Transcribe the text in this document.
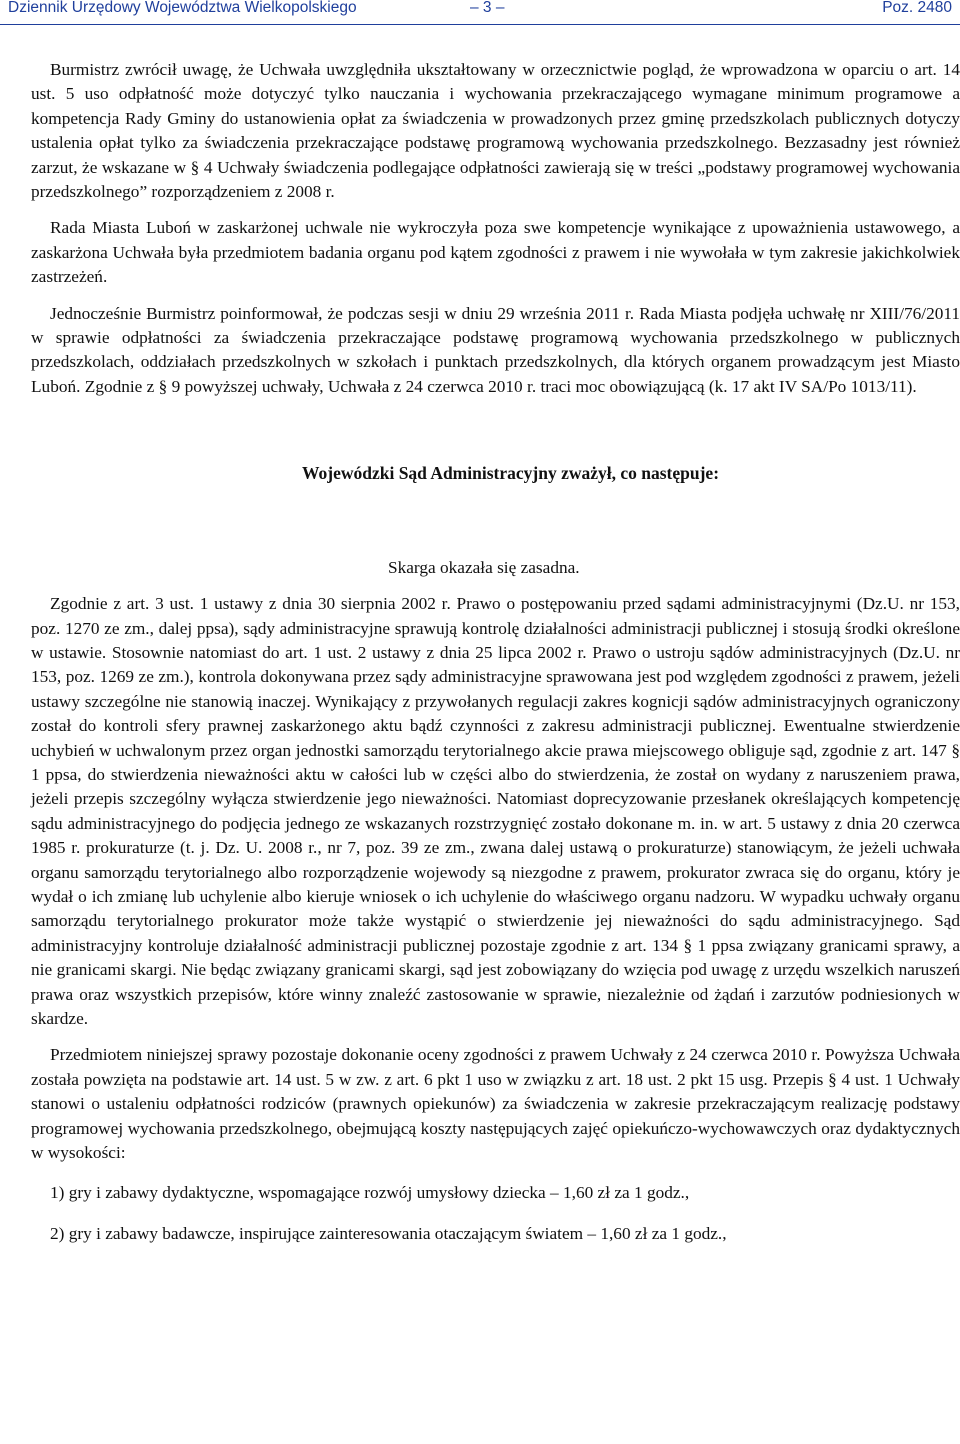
Dziennik Urzędowy Województwa Wielkopolskiego	– 3 –	Poz. 2480

Burmistrz zwrócił uwagę, że Uchwała uwzględniła ukształtowany w orzecznictwie pogląd, że wprowadzona w oparciu o art. 14 ust. 5 uso odpłatność może dotyczyć tylko nauczania i wychowania przekraczającego wymagane minimum programowe a kompetencja Rady Gminy do ustanowienia opłat za świadczenia w prowadzonych przez gminę przedszkolach publicznych dotyczy ustalenia opłat tylko za świadczenia przekraczające podstawę programową wychowania przedszkolnego. Bezzasadny jest również zarzut, że wskazane w § 4 Uchwały świadczenia podlegające odpłatności zawierają się w treści „podstawy programowej wychowania przedszkolnego” rozporządzeniem z 2008 r.

Rada Miasta Luboń w zaskarżonej uchwale nie wykroczyła poza swe kompetencje wynikające z upoważnienia ustawowego, a zaskarżona Uchwała była przedmiotem badania organu pod kątem zgodności z prawem i nie wywołała w tym zakresie jakichkolwiek zastrzeżeń.

Jednocześnie Burmistrz poinformował, że podczas sesji w dniu 29 września 2011 r. Rada Miasta podjęła uchwałę nr XIII/76/2011 w sprawie odpłatności za świadczenia przekraczające podstawę programową wychowania przedszkolnego w publicznych przedszkolach, oddziałach przedszkolnych w szkołach i punktach przedszkolnych, dla których organem prowadzącym jest Miasto Luboń. Zgodnie z § 9 powyższej uchwały, Uchwała z 24 czerwca 2010 r. traci moc obowiązującą (k. 17 akt IV SA/Po 1013/11).

Wojewódzki Sąd Administracyjny zważył, co następuje:

Skarga okazała się zasadna.

Zgodnie z art. 3 ust. 1 ustawy z dnia 30 sierpnia 2002 r. Prawo o postępowaniu przed sądami administracyjnymi (Dz.U. nr 153, poz. 1270 ze zm., dalej ppsa), sądy administracyjne sprawują kontrolę działalności administracji publicznej i stosują środki określone w ustawie. Stosownie natomiast do art. 1 ust. 2 ustawy z dnia 25 lipca 2002 r. Prawo o ustroju sądów administracyjnych (Dz.U. nr 153, poz. 1269 ze zm.), kontrola dokonywana przez sądy administracyjne sprawowana jest pod względem zgodności z prawem, jeżeli ustawy szczególne nie stanowią inaczej. Wynikający z przywołanych regulacji zakres kognicji sądów administracyjnych ograniczony został do kontroli sfery prawnej zaskarżonego aktu bądź czynności z zakresu administracji publicznej. Ewentualne stwierdzenie uchybień w uchwalonym przez organ jednostki samorządu terytorialnego akcie prawa miejscowego obliguje sąd, zgodnie z art. 147 § 1 ppsa, do stwierdzenia nieważności aktu w całości lub w części albo do stwierdzenia, że został on wydany z naruszeniem prawa, jeżeli przepis szczególny wyłącza stwierdzenie jego nieważności. Natomiast doprecyzowanie przesłanek określających kompetencję sądu administracyjnego do podjęcia jednego ze wskazanych rozstrzygnięć zostało dokonane m. in. w art. 5 ustawy z dnia 20 czerwca 1985 r. prokuraturze (t. j. Dz. U. 2008 r., nr 7, poz. 39 ze zm., zwana dalej ustawą o prokuraturze) stanowiącym, że jeżeli uchwała organu samorządu terytorialnego albo rozporządzenie wojewody są niezgodne z prawem, prokurator zwraca się do organu, który je wydał o ich zmianę lub uchylenie albo kieruje wniosek o ich uchylenie do właściwego organu nadzoru. W wypadku uchwały organu samorządu terytorialnego prokurator może także wystąpić o stwierdzenie jej nieważności do sądu administracyjnego. Sąd administracyjny kontroluje działalność administracji publicznej pozostaje zgodnie z art. 134 § 1 ppsa związany granicami sprawy, a nie granicami skargi. Nie będąc związany granicami skargi, sąd jest zobowiązany do wzięcia pod uwagę z urzędu wszelkich naruszeń prawa oraz wszystkich przepisów, które winny znaleźć zastosowanie w sprawie, niezależnie od żądań i zarzutów podniesionych w skardze.

Przedmiotem niniejszej sprawy pozostaje dokonanie oceny zgodności z prawem Uchwały z 24 czerwca 2010 r. Powyższa Uchwała została powzięta na podstawie art. 14 ust. 5 w zw. z art. 6 pkt 1 uso w związku z art. 18 ust. 2 pkt 15 usg. Przepis § 4 ust. 1 Uchwały stanowi o ustaleniu odpłatności rodziców (prawnych opiekunów) za świadczenia w zakresie przekraczającym realizację podstawy programowej wychowania przedszkolnego, obejmującą koszty następujących zajęć opiekuńczo-wychowawczych oraz dydaktycznych w wysokości:

1) gry i zabawy dydaktyczne, wspomagające rozwój umysłowy dziecka – 1,60 zł za 1 godz.,

2) gry i zabawy badawcze, inspirujące zainteresowania otaczającym światem – 1,60 zł za 1 godz.,
